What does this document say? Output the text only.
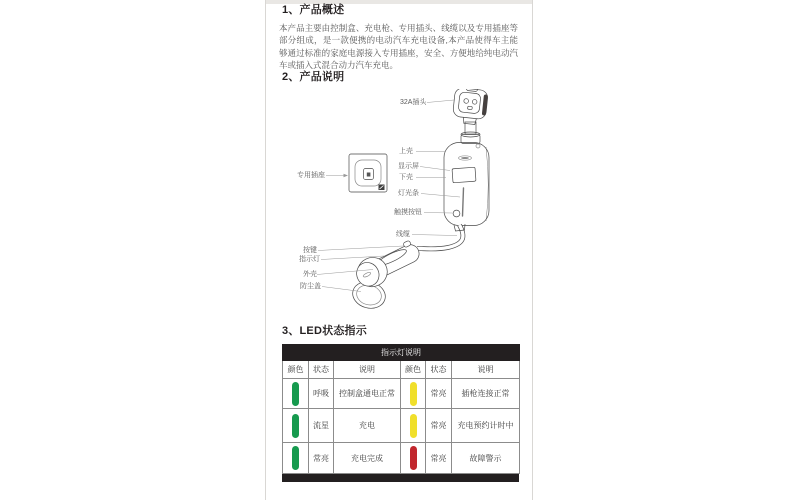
1、产品概述

本产品主要由控制盒、充电枪、专用插头、线缆以及专用插座等部分组成，是一款便携的电动汽车充电设备,本产品使得车主能够通过标准的家庭电源接入专用插座，安全、方便地给纯电动汽车或插入式混合动力汽车充电。

2、产品说明
32A插头
专用插座
上壳
显示屏
下壳
灯光条
触摸按钮
线缆
按键
指示灯
外壳
防尘盖
3、LED状态指示
指示灯说明					
颜色	状态	说明	颜色	状态	说明
	呼吸	控制盒通电正常		常亮	插枪连接正常
	流星	充电		常亮	充电预约计时中
	常亮	充电完成		常亮	故障警示
